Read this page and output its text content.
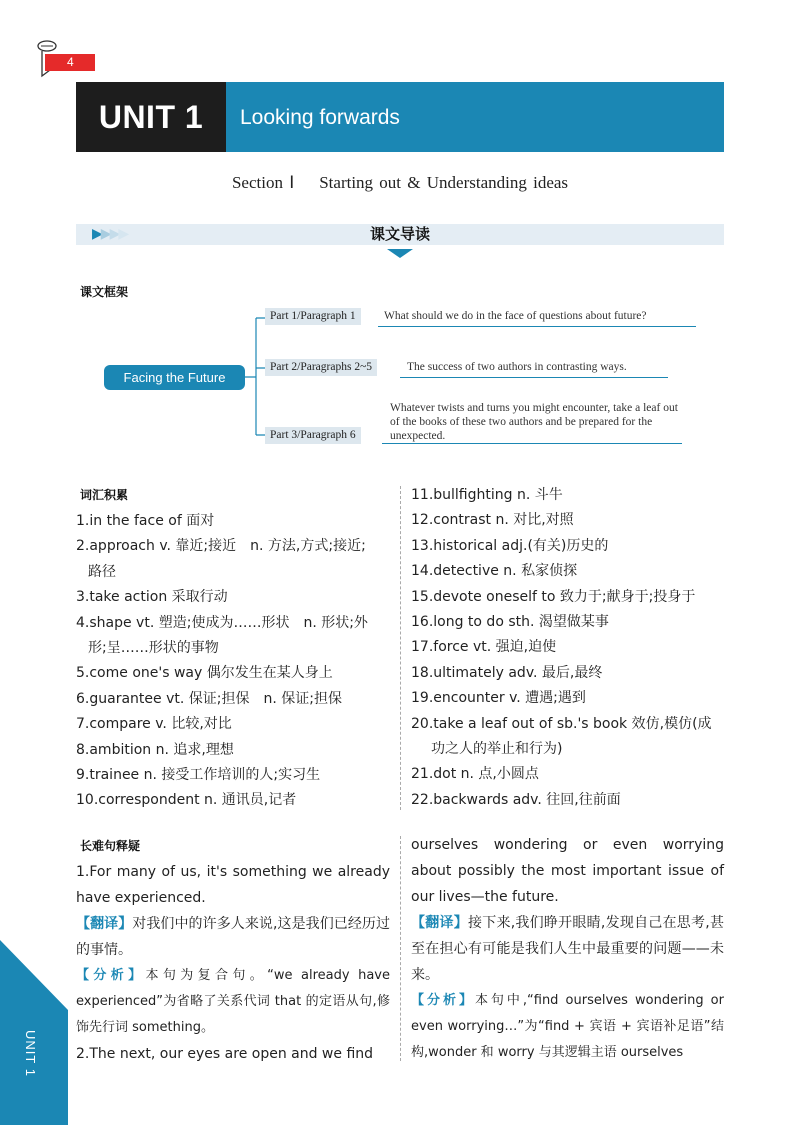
4
UNIT 1	Looking forwards
Section Ⅰ    Starting out & Understanding ideas
▶▶▶▶	课文导读
课文框架
Facing the Future
Part 1/Paragraph 1	What should we do in the face of questions about future?
Part 2/Paragraphs 2~5	The success of two authors in contrasting ways.
Part 3/Paragraph 6
Whatever twists and turns you might encounter, take a leaf out of the books of these two authors and be prepared for the unexpected.
词汇积累
1.in the face of 面对
2.approach v. 靠近;接近　n. 方法,方式;接近;
路径
3.take action 采取行动
4.shape vt. 塑造;使成为……形状　n. 形状;外
形;呈……形状的事物
5.come one's way 偶尔发生在某人身上
6.guarantee vt. 保证;担保　n. 保证;担保
7.compare v. 比较,对比
8.ambition n. 追求,理想
9.trainee n. 接受工作培训的人;实习生
10.correspondent n. 通讯员,记者
11.bullfighting n. 斗牛
12.contrast n. 对比,对照
13.historical adj.(有关)历史的
14.detective n. 私家侦探
15.devote oneself to 致力于;献身于;投身于
16.long to do sth. 渴望做某事
17.force vt. 强迫,迫使
18.ultimately adv. 最后,最终
19.encounter v. 遭遇;遇到
20.take a leaf out of sb.'s book 效仿,模仿(成
功之人的举止和行为)
21.dot n. 点,小圆点
22.backwards adv. 往回,往前面
长难句释疑
1.For many of us, it's something we already have experienced.
【翻译】对我们中的许多人来说,这是我们已经历过的事情。
【分析】本句为复合句。“we already have experienced”为省略了关系代词 that 的定语从句,修饰先行词 something。
2.The next, our eyes are open and we find
ourselves wondering or even worrying about possibly the most important issue of our lives—the future.
【翻译】接下来,我们睁开眼睛,发现自己在思考,甚至在担心有可能是我们人生中最重要的问题——未来。
【分析】本句中,“find ourselves wondering or even worrying…”为“find + 宾语 + 宾语补足语”结构,wonder 和 worry 与其逻辑主语 ourselves
UNIT 1
